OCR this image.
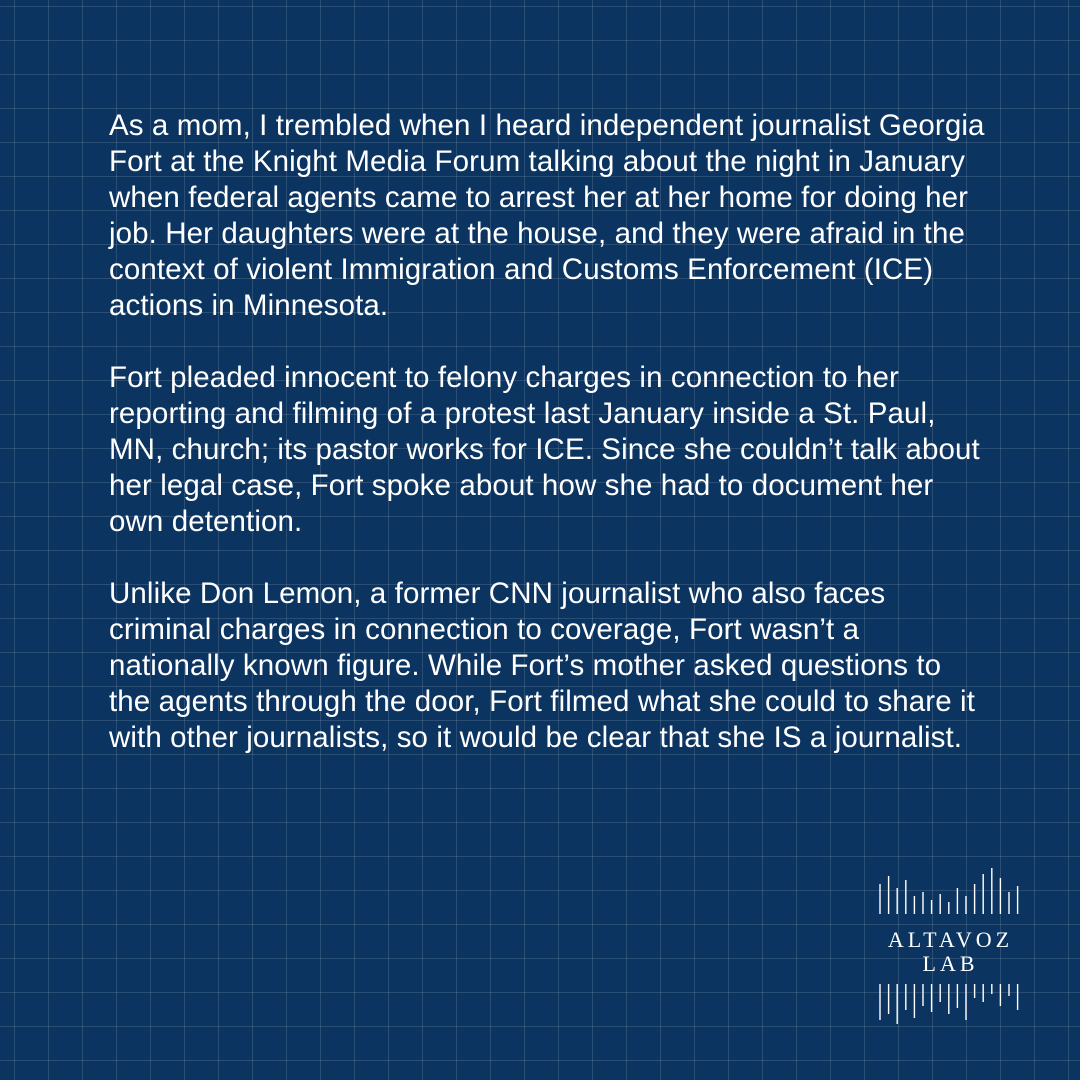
As a mom, I trembled when I heard independent journalist Georgia Fort at the Knight Media Forum talking about the night in January when federal agents came to arrest her at her home for doing her job. Her daughters were at the house, and they were afraid in the context of violent Immigration and Customs Enforcement (ICE) actions in Minnesota.

Fort pleaded innocent to felony charges in connection to her reporting and filming of a protest last January inside a St. Paul, MN, church; its pastor works for ICE. Since she couldn’t talk about her legal case, Fort spoke about how she had to document her own detention.

Unlike Don Lemon, a former CNN journalist who also faces criminal charges in connection to coverage, Fort wasn’t a nationally known figure. While Fort’s mother asked questions to the agents through the door, Fort filmed what she could to share it with other journalists, so it would be clear that she IS a journalist.

ALTAVOZ
LAB
